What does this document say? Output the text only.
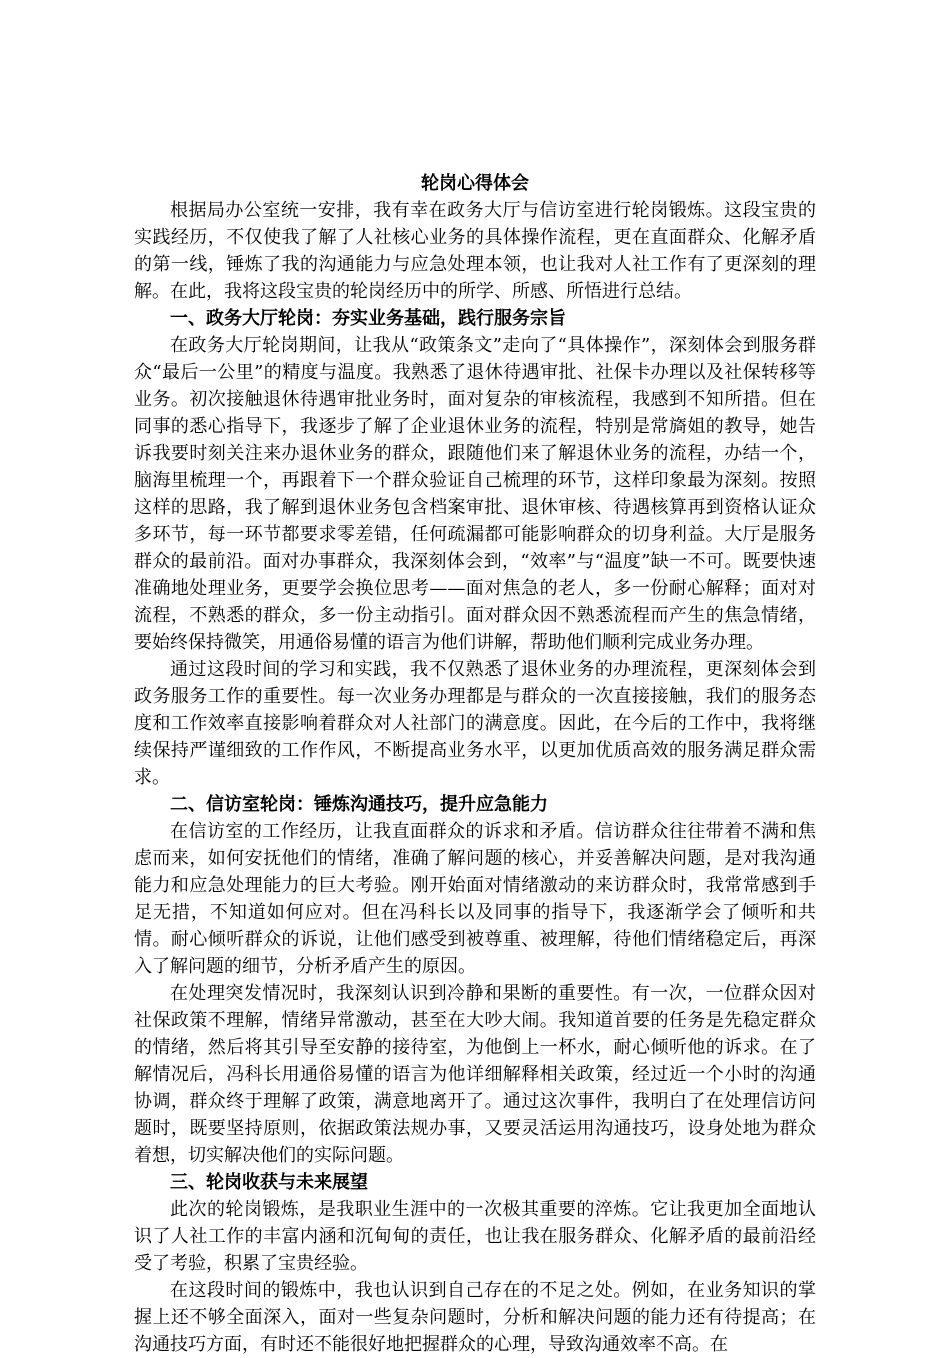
轮岗心得体会

根据局办公室统一安排，我有幸在政务大厅与信访室进行轮岗锻炼。这段宝贵的实践经历，不仅使我了解了人社核心业务的具体操作流程，更在直面群众、化解矛盾的第一线，锤炼了我的沟通能力与应急处理本领，也让我对人社工作有了更深刻的理解。在此，我将这段宝贵的轮岗经历中的所学、所感、所悟进行总结。

一、政务大厅轮岗：夯实业务基础，践行服务宗旨

在政务大厅轮岗期间，让我从“政策条文”走向了“具体操作”，深刻体会到服务群众“最后一公里”的精度与温度。我熟悉了退休待遇审批、社保卡办理以及社保转移等业务。初次接触退休待遇审批业务时，面对复杂的审核流程，我感到不知所措。但在同事的悉心指导下，我逐步了解了企业退休业务的流程，特别是常旖姐的教导，她告诉我要时刻关注来办退休业务的群众，跟随他们来了解退休业务的流程，办结一个，脑海里梳理一个，再跟着下一个群众验证自己梳理的环节，这样印象最为深刻。按照这样的思路，我了解到退休业务包含档案审批、退休审核、待遇核算再到资格认证众多环节，每一环节都要求零差错，任何疏漏都可能影响群众的切身利益。大厅是服务群众的最前沿。面对办事群众，我深刻体会到，“效率”与“温度”缺一不可。既要快速准确地处理业务，更要学会换位思考——面对焦急的老人，多一份耐心解释；面对对流程，不熟悉的群众，多一份主动指引。面对群众因不熟悉流程而产生的焦急情绪，要始终保持微笑，用通俗易懂的语言为他们讲解，帮助他们顺利完成业务办理。

通过这段时间的学习和实践，我不仅熟悉了退休业务的办理流程，更深刻体会到政务服务工作的重要性。每一次业务办理都是与群众的一次直接接触，我们的服务态度和工作效率直接影响着群众对人社部门的满意度。因此，在今后的工作中，我将继续保持严谨细致的工作作风，不断提高业务水平，以更加优质高效的服务满足群众需求。

二、信访室轮岗：锤炼沟通技巧，提升应急能力

在信访室的工作经历，让我直面群众的诉求和矛盾。信访群众往往带着不满和焦虑而来，如何安抚他们的情绪，准确了解问题的核心，并妥善解决问题，是对我沟通能力和应急处理能力的巨大考验。刚开始面对情绪激动的来访群众时，我常常感到手足无措，不知道如何应对。但在冯科长以及同事的指导下，我逐渐学会了倾听和共情。耐心倾听群众的诉说，让他们感受到被尊重、被理解，待他们情绪稳定后，再深入了解问题的细节，分析矛盾产生的原因。

在处理突发情况时，我深刻认识到冷静和果断的重要性。有一次，一位群众因对社保政策不理解，情绪异常激动，甚至在大吵大闹。我知道首要的任务是先稳定群众的情绪，然后将其引导至安静的接待室，为他倒上一杯水，耐心倾听他的诉求。在了解情况后，冯科长用通俗易懂的语言为他详细解释相关政策，经过近一个小时的沟通协调，群众终于理解了政策，满意地离开了。通过这次事件，我明白了在处理信访问题时，既要坚持原则，依据政策法规办事，又要灵活运用沟通技巧，设身处地为群众着想，切实解决他们的实际问题。

三、轮岗收获与未来展望

此次的轮岗锻炼，是我职业生涯中的一次极其重要的淬炼。它让我更加全面地认识了人社工作的丰富内涵和沉甸甸的责任，也让我在服务群众、化解矛盾的最前沿经受了考验，积累了宝贵经验。

在这段时间的锻炼中，我也认识到自己存在的不足之处。例如，在业务知识的掌握上还不够全面深入，面对一些复杂问题时，分析和解决问题的能力还有待提高；在沟通技巧方面，有时还不能很好地把握群众的心理，导致沟通效率不高。在
